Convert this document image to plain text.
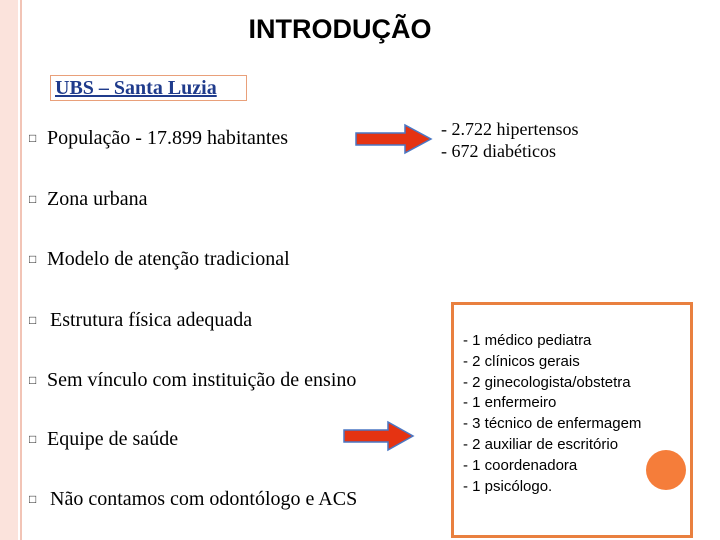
INTRODUÇÃO
UBS – Santa Luzia
□ População - 17.899 habitantes
□ Zona urbana
□ Modelo de atenção tradicional
□ Estrutura física adequada
□ Sem vínculo com instituição de ensino
□ Equipe de saúde
□ Não contamos com odontólogo e ACS
- 2.722 hipertensos
- 672 diabéticos
- 1 médico pediatra
- 2 clínicos gerais
- 2 ginecologista/obstetra
- 1 enfermeiro
- 3 técnico de enfermagem
- 2 auxiliar de escritório
- 1 coordenadora
- 1 psicólogo.
